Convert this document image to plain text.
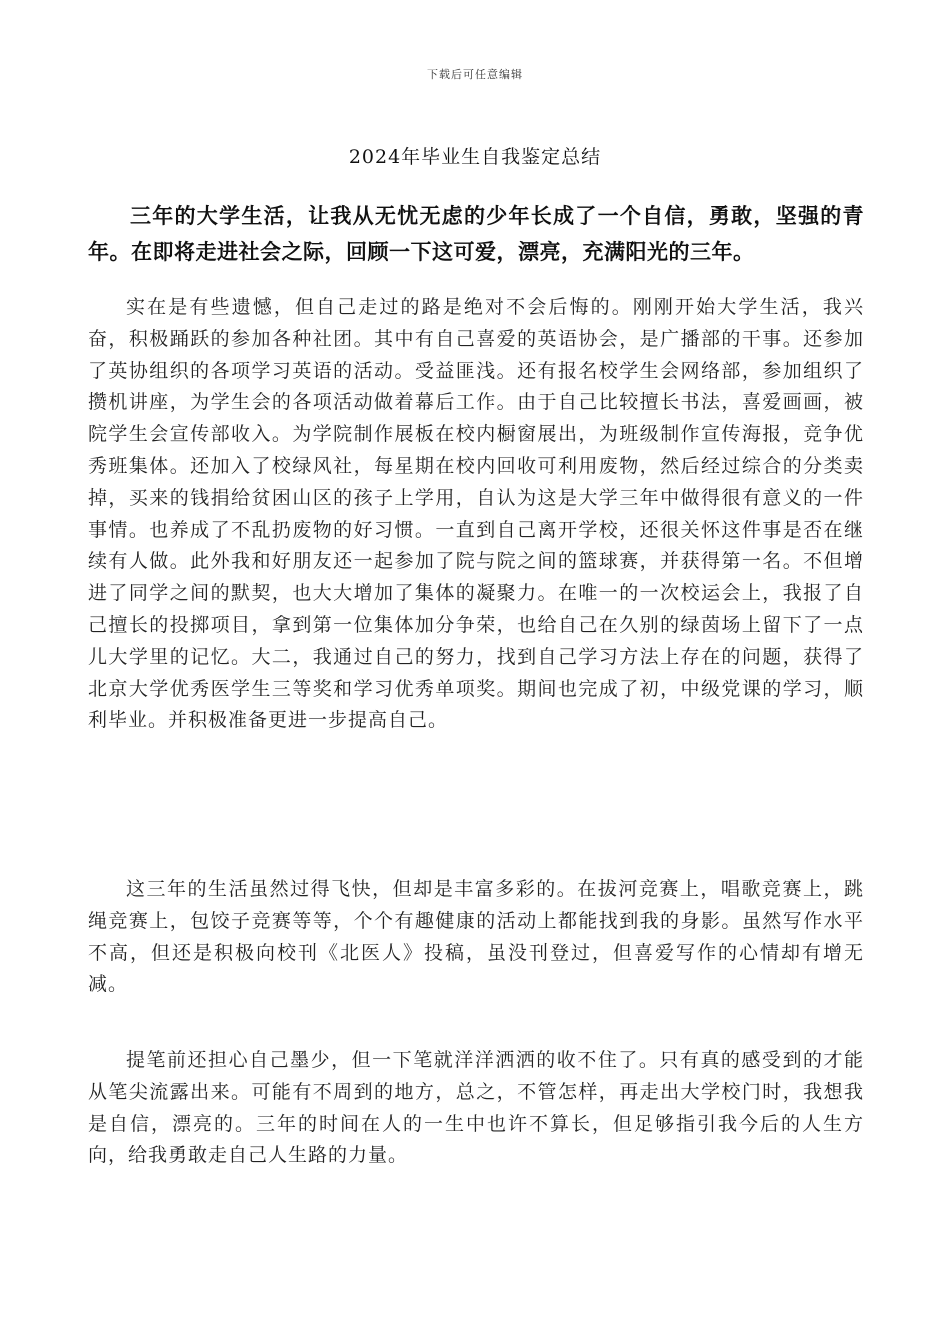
下载后可任意编辑
2024年毕业生自我鉴定总结
三年的大学生活，让我从无忧无虑的少年长成了一个自信，勇敢，坚强的青年。在即将走进社会之际，回顾一下这可爱，漂亮，充满阳光的三年。
实在是有些遗憾，但自己走过的路是绝对不会后悔的。刚刚开始大学生活，我兴奋，积极踊跃的参加各种社团。其中有自己喜爱的英语协会，是广播部的干事。还参加了英协组织的各项学习英语的活动。受益匪浅。还有报名校学生会网络部，参加组织了攒机讲座，为学生会的各项活动做着幕后工作。由于自己比较擅长书法，喜爱画画，被院学生会宣传部收入。为学院制作展板在校内橱窗展出，为班级制作宣传海报，竞争优秀班集体。还加入了校绿风社，每星期在校内回收可利用废物，然后经过综合的分类卖掉，买来的钱捐给贫困山区的孩子上学用，自认为这是大学三年中做得很有意义的一件事情。也养成了不乱扔废物的好习惯。一直到自己离开学校，还很关怀这件事是否在继续有人做。此外我和好朋友还一起参加了院与院之间的篮球赛，并获得第一名。不但增进了同学之间的默契，也大大增加了集体的凝聚力。在唯一的一次校运会上，我报了自己擅长的投掷项目，拿到第一位集体加分争荣，也给自己在久别的绿茵场上留下了一点儿大学里的记忆。大二，我通过自己的努力，找到自己学习方法上存在的问题，获得了北京大学优秀医学生三等奖和学习优秀单项奖。期间也完成了初，中级党课的学习，顺利毕业。并积极准备更进一步提高自己。
这三年的生活虽然过得飞快，但却是丰富多彩的。在拔河竞赛上，唱歌竞赛上，跳绳竞赛上，包饺子竞赛等等，个个有趣健康的活动上都能找到我的身影。虽然写作水平不高，但还是积极向校刊《北医人》投稿，虽没刊登过，但喜爱写作的心情却有增无减。
提笔前还担心自己墨少，但一下笔就洋洋洒洒的收不住了。只有真的感受到的才能从笔尖流露出来。可能有不周到的地方，总之，不管怎样，再走出大学校门时，我想我是自信，漂亮的。三年的时间在人的一生中也许不算长，但足够指引我今后的人生方向，给我勇敢走自己人生路的力量。
